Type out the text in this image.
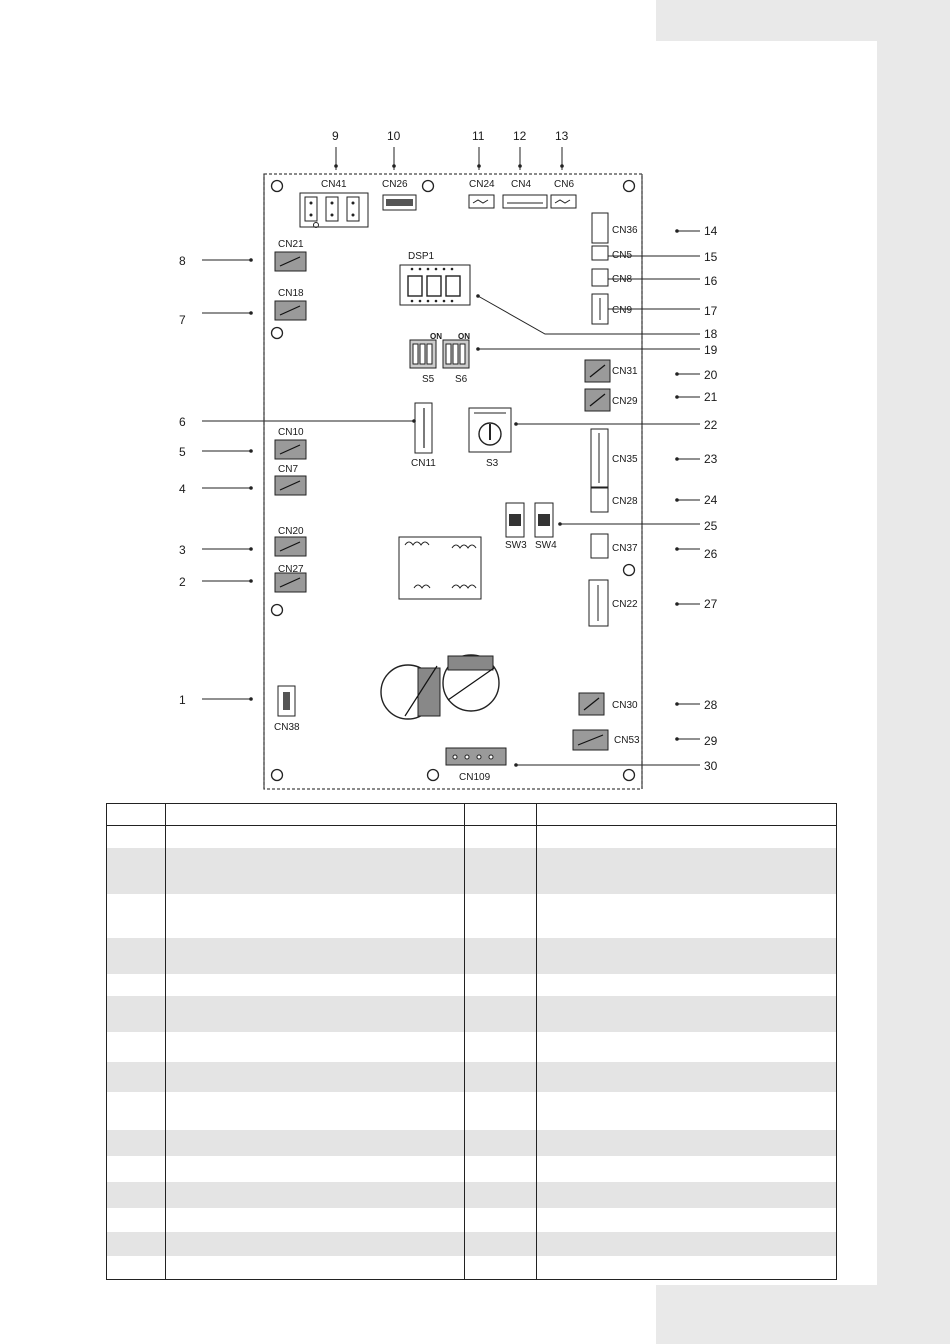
CN41	CN26	CN24 CN4 CN6
CN36
CN5
CN8
CN9
CN21
CN18
DSP1
S5 S6
ON ON
CN31
CN29
CN10
CN7
CN11	S3	CN35
CN28
SW3 SW4
CN20
CN27
CN37
CN22
CN38
CN30
CN53
CN109
1
2
3
4
5
6
7
8
9	10	11 12 13
14
15
16
17
18
19
20
21
22
23
24
25
26
27
28
29
30
